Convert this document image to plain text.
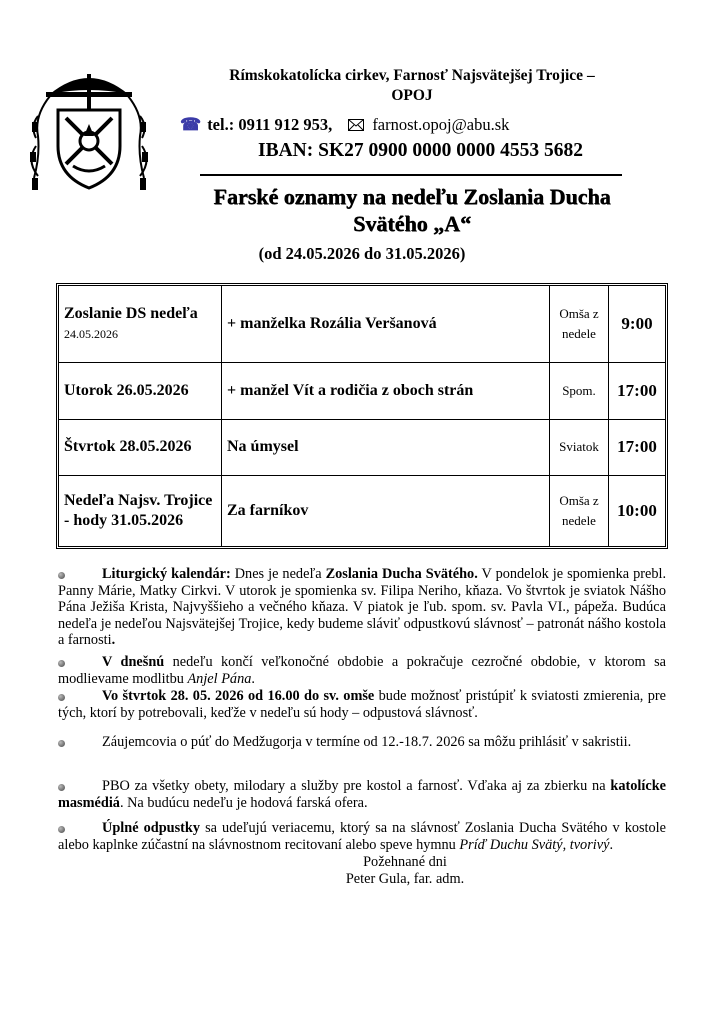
Rímskokatolícka cirkev, Farnosť Najsvätejšej Trojice –
OPOJ
☎ tel.: 0911 912 953, farnost.opoj@abu.sk
IBAN: SK27 0900 0000 0000 4553 5682
Farské oznamy na nedeľu Zoslania Ducha
Svätého „A“
(od 24.05.2026 do 31.05.2026)
Zoslanie DS nedeľa
24.05.2026	+ manželka Rozália Veršanová	Omša z nedele	9:00
Utorok 26.05.2026	+ manžel Vít a rodičia z oboch strán	Spom.	17:00
Štvrtok 28.05.2026	Na úmysel	Sviatok	17:00
Nedeľa Najsv. Trojice - hody 31.05.2026	Za farníkov	Omša z nedele	10:00
Liturgický kalendár: Dnes je nedeľa Zoslania Ducha Svätého. V pondelok je spomienka prebl. Panny Márie, Matky Cirkvi. V utorok je spomienka sv. Filipa Neriho, kňaza. Vo štvrtok je sviatok Nášho Pána Ježiša Krista, Najvyššieho a večného kňaza. V piatok je ľub. spom. sv. Pavla VI., pápeža. Budúca nedeľa je nedeľou Najsvätejšej Trojice, kedy budeme sláviť odpustkovú slávnosť – patronát nášho kostola a farnosti.
V dnešnú nedeľu končí veľkonočné obdobie a pokračuje cezročné obdobie, v ktorom sa modlievame modlitbu Anjel Pána.
Vo štvrtok 28. 05. 2026 od 16.00 do sv. omše bude možnosť pristúpiť k sviatosti zmierenia, pre tých, ktorí by potrebovali, keďže v nedeľu sú hody – odpustová slávnosť.
Záujemcovia o púť do Medžugorja v termíne od 12.-18.7. 2026 sa môžu prihlásiť v sakristii.
PBO za všetky obety, milodary a služby pre kostol a farnosť. Vďaka aj za zbierku na katolícke masmédiá. Na budúcu nedeľu je hodová farská ofera.
Úplné odpustky sa udeľujú veriacemu, ktorý sa na slávnosť Zoslania Ducha Svätého v kostole alebo kaplnke zúčastní na slávnostnom recitovaní alebo speve hymnu Príď Duchu Svätý, tvorivý.
Požehnané dni
Peter Gula, far. adm.
